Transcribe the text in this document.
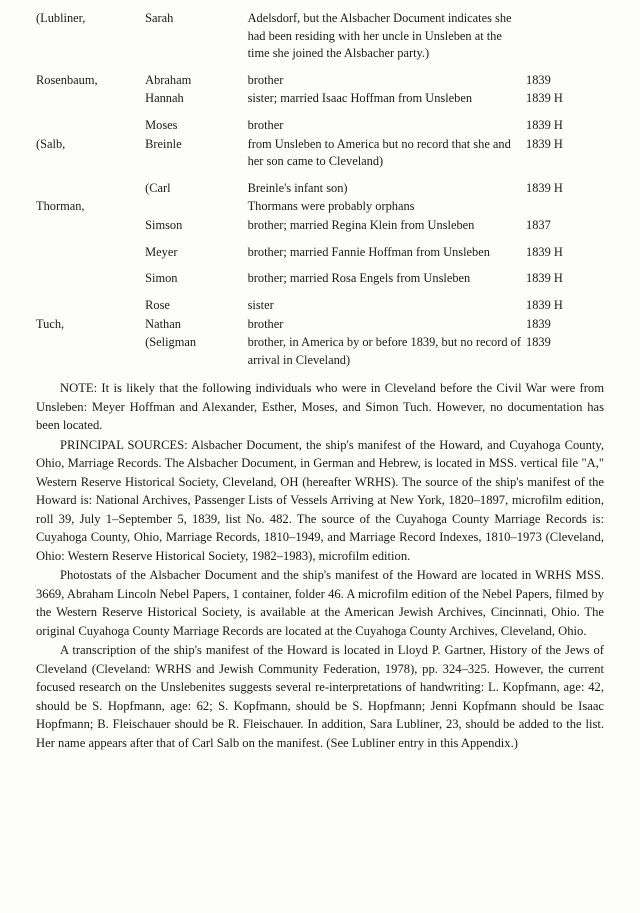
(Lubliner,	Sarah	Adelsdorf, but the Alsbacher Document indicates she had been residing with her uncle in Unsleben at the time she joined the Alsbacher party.)	

Rosenbaum,	Abraham	brother	1839
	Hannah	sister; married Isaac Hoffman from Unsleben	1839 H

	Moses	brother	1839 H
(Salb,	Breinle	from Unsleben to America but no record that she and her son came to Cleveland)	1839 H

	(Carl	Breinle's infant son)	1839 H
Thorman,		Thormans were probably orphans	
	Simson	brother; married Regina Klein from Unsleben	1837

	Meyer	brother; married Fannie Hoffman from Unsleben	1839 H

	Simon	brother; married Rosa Engels from Unsleben	1839 H

	Rose	sister	1839 H
Tuch,	Nathan	brother	1839
	(Seligman	brother, in America by or before 1839, but no record of arrival in Cleveland)	1839

NOTE: It is likely that the following individuals who were in Cleveland before the Civil War were from Unsleben: Meyer Hoffman and Alexander, Esther, Moses, and Simon Tuch. However, no documentation has been located.

PRINCIPAL SOURCES: Alsbacher Document, the ship's manifest of the Howard, and Cuyahoga County, Ohio, Marriage Records. The Alsbacher Document, in German and Hebrew, is located in MSS. vertical file "A," Western Reserve Historical Society, Cleveland, OH (hereafter WRHS). The source of the ship's manifest of the Howard is: National Archives, Passenger Lists of Vessels Arriving at New York, 1820–1897, microfilm edition, roll 39, July 1–September 5, 1839, list No. 482. The source of the Cuyahoga County Marriage Records is: Cuyahoga County, Ohio, Marriage Records, 1810–1949, and Marriage Record Indexes, 1810–1973 (Cleveland, Ohio: Western Reserve Historical Society, 1982–1983), microfilm edition.

Photostats of the Alsbacher Document and the ship's manifest of the Howard are located in WRHS MSS. 3669, Abraham Lincoln Nebel Papers, 1 container, folder 46. A microfilm edition of the Nebel Papers, filmed by the Western Reserve Historical Society, is available at the American Jewish Archives, Cincinnati, Ohio. The original Cuyahoga County Marriage Records are located at the Cuyahoga County Archives, Cleveland, Ohio.

A transcription of the ship's manifest of the Howard is located in Lloyd P. Gartner, History of the Jews of Cleveland (Cleveland: WRHS and Jewish Community Federation, 1978), pp. 324–325. However, the current focused research on the Unslebenites suggests several re-interpretations of handwriting: L. Kopfmann, age: 42, should be S. Hopfmann, age: 62; S. Kopfmann, should be S. Hopfmann; Jenni Kopfmann should be Isaac Hopfmann; B. Fleischauer should be R. Fleischauer. In addition, Sara Lubliner, 23, should be added to the list. Her name appears after that of Carl Salb on the manifest. (See Lubliner entry in this Appendix.)
